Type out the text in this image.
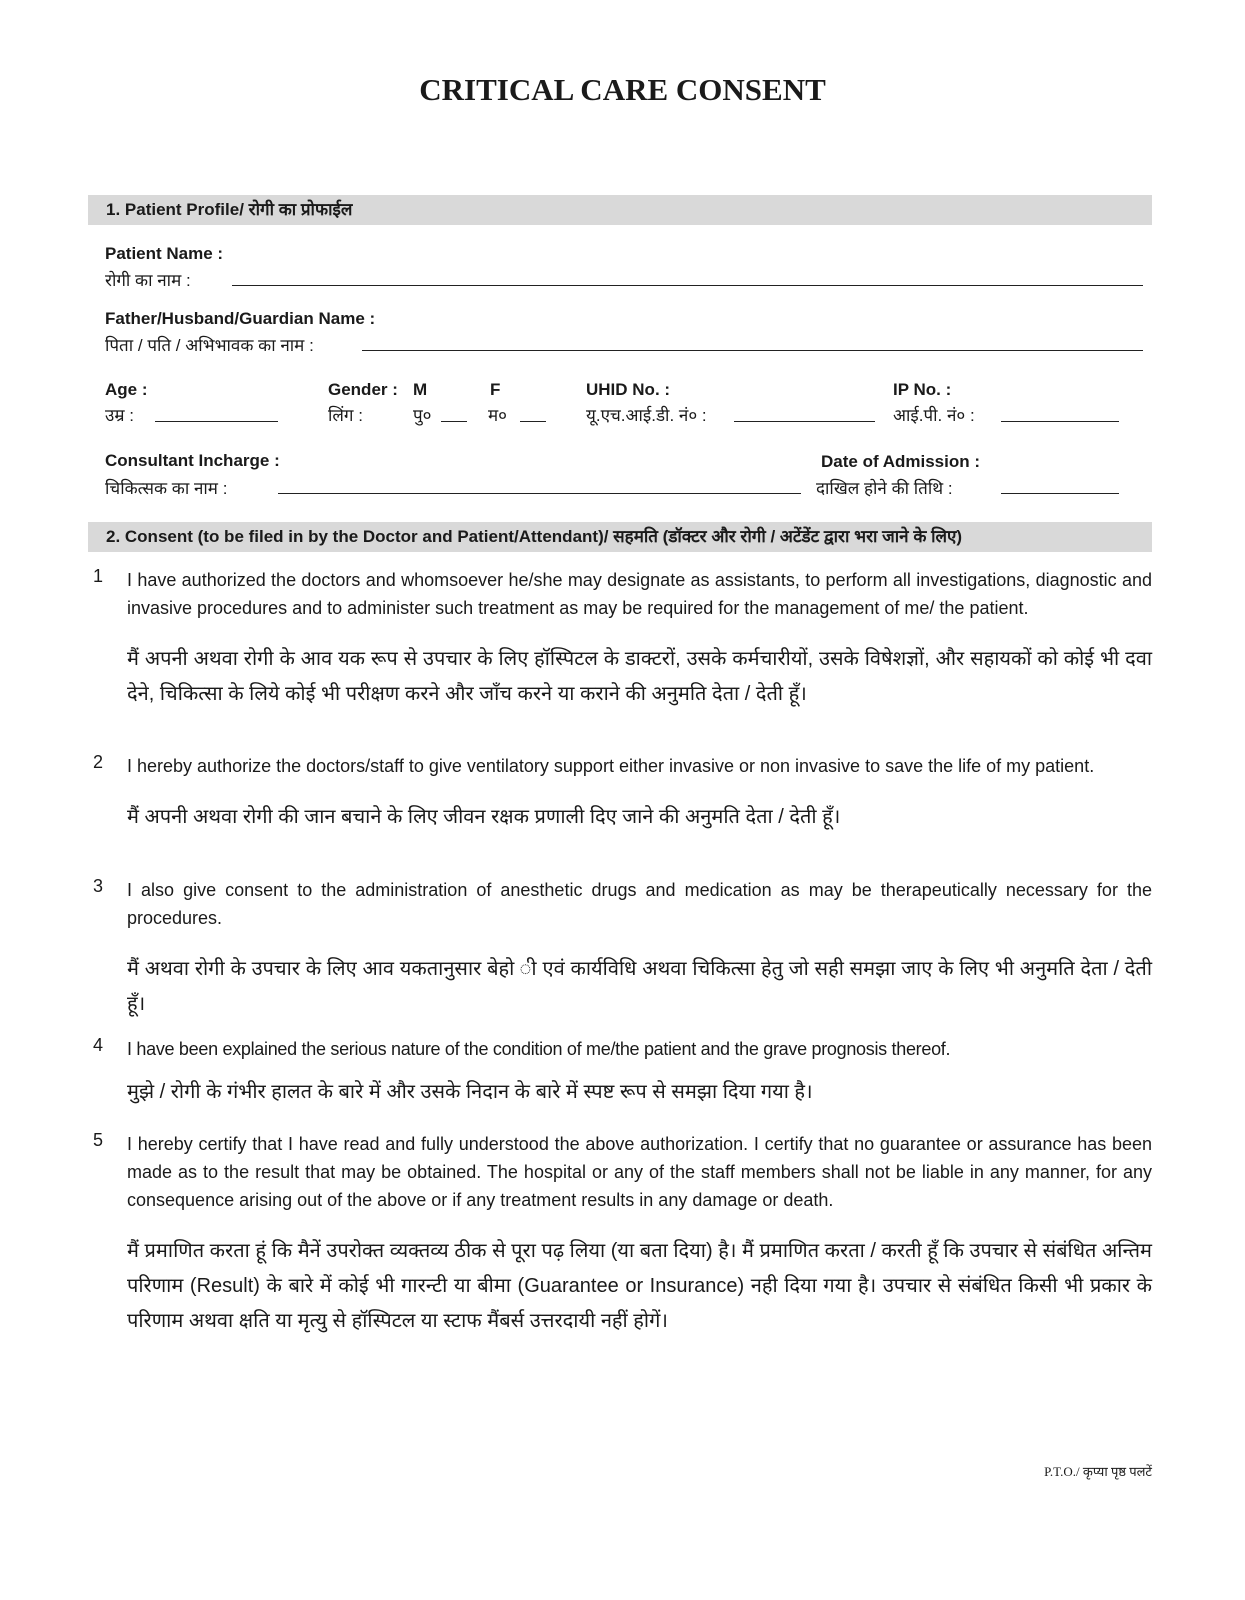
CRITICAL CARE CONSENT
1. Patient Profile/ रोगी का प्रोफाईल
Patient Name :
रोगी का नाम :
Father/Husband/Guardian Name :
पिता / पति / अभिभावक का नाम :
Age :
उम्र :
Gender : M	F
लिंग :	पु०	म०
UHID No. :
यू.एच.आई.डी. नं० :
IP No. :
आई.पी. नं० :
Consultant Incharge :
चिकित्सक का नाम :
Date of Admission :
दाखिल होने की तिथि :
2. Consent (to be filed in by the Doctor and Patient/Attendant)/ सहमति (डॉक्टर और रोगी / अटेंडेंट द्वारा भरा जाने के लिए)
1 I have authorized the doctors and whomsoever he/she may designate as assistants, to perform all investigations, diagnostic and invasive procedures and to administer such treatment as may be required for the management of me/ the patient.
मैं अपनी अथवा रोगी के आव यक रूप से उपचार के लिए हॉस्पिटल के डाक्टरों, उसके कर्मचारीयों, उसके विषेशज्ञों, और सहायकों को कोई भी दवा देने, चिकित्सा के लिये कोई भी परीक्षण करने और जाँच करने या कराने की अनुमति देता / देती हूँ।
2 I hereby authorize the doctors/staff to give ventilatory support either invasive or non invasive to save the life of my patient.
मैं अपनी अथवा रोगी की जान बचाने के लिए जीवन रक्षक प्रणाली दिए जाने की अनुमति देता / देती हूँ।
3 I also give consent to the administration of anesthetic drugs and medication as may be therapeutically necessary for the procedures.
मैं अथवा रोगी के उपचार के लिए आव यकतानुसार बेहो ी एवं कार्यविधि अथवा चिकित्सा हेतु जो सही समझा जाए के लिए भी अनुमति देता / देती हूँ।
4 I have been explained the serious nature of the condition of me/the patient and the grave prognosis thereof.
मुझे / रोगी के गंभीर हालत के बारे में और उसके निदान के बारे में स्पष्ट रूप से समझा दिया गया है।
5 I hereby certify that I have read and fully understood the above authorization. I certify that no guarantee or assurance has been made as to the result that may be obtained. The hospital or any of the staff members shall not be liable in any manner, for any consequence arising out of the above or if any treatment results in any damage or death.
मैं प्रमाणित करता हूं कि मैनें उपरोक्त व्यक्तव्य ठीक से पूरा पढ़ लिया (या बता दिया) है। मैं प्रमाणित करता / करती हूँ कि उपचार से संबंधित अन्तिम परिणाम (Result) के बारे में कोई भी गारन्टी या बीमा (Guarantee or Insurance) नही दिया गया है। उपचार से संबंधित किसी भी प्रकार के परिणाम अथवा क्षति या मृत्यु से हॉस्पिटल या स्टाफ मैंबर्स उत्तरदायी नहीं होगें।
P.T.O./ कृप्या पृष्ठ पलटें
